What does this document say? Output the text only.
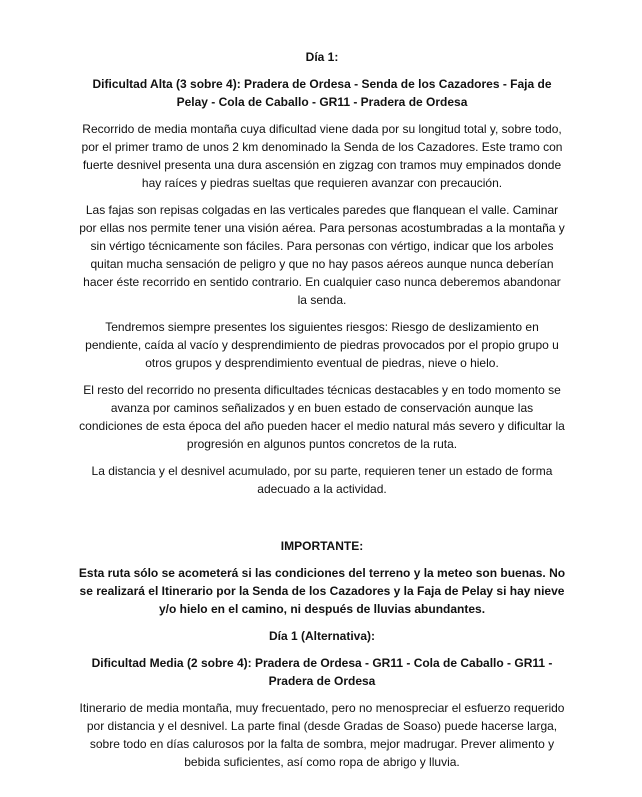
Día 1:
Dificultad Alta (3 sobre 4): Pradera de Ordesa - Senda de los Cazadores - Faja de Pelay - Cola de Caballo - GR11 - Pradera de Ordesa
Recorrido de media montaña cuya dificultad viene dada por su longitud total y, sobre todo, por el primer tramo de unos 2 km denominado la Senda de los Cazadores. Este tramo con fuerte desnivel presenta una dura ascensión en zigzag con tramos muy empinados donde hay raíces y piedras sueltas que requieren avanzar con precaución.
Las fajas son repisas colgadas en las verticales paredes que flanquean el valle. Caminar por ellas nos permite tener una visión aérea. Para personas acostumbradas a la montaña y sin vértigo técnicamente son fáciles. Para personas con vértigo, indicar que los arboles quitan mucha sensación de peligro y que no hay pasos aéreos aunque nunca deberían hacer éste recorrido en sentido contrario. En cualquier caso nunca deberemos abandonar la senda.
Tendremos siempre presentes los siguientes riesgos: Riesgo de deslizamiento en pendiente, caída al vacío y desprendimiento de piedras provocados por el propio grupo u otros grupos y desprendimiento eventual de piedras, nieve o hielo.
El resto del recorrido no presenta dificultades técnicas destacables y en todo momento se avanza por caminos señalizados y en buen estado de conservación aunque las condiciones de esta época del año pueden hacer el medio natural más severo y dificultar la progresión en algunos puntos concretos de la ruta.
La distancia y el desnivel acumulado, por su parte, requieren tener un estado de forma adecuado a la actividad.
IMPORTANTE:
Esta ruta sólo se acometerá si las condiciones del terreno y la meteo son buenas. No se realizará el Itinerario por la Senda de los Cazadores y la Faja de Pelay si hay nieve y/o hielo en el camino, ni después de lluvias abundantes.
Día 1 (Alternativa):
Dificultad Media (2 sobre 4): Pradera de Ordesa - GR11 - Cola de Caballo - GR11 - Pradera de Ordesa
Itinerario de media montaña, muy frecuentado, pero no menospreciar el esfuerzo requerido por distancia y el desnivel. La parte final (desde Gradas de Soaso) puede hacerse larga, sobre todo en días calurosos por la falta de sombra, mejor madrugar. Prever alimento y bebida suficientes, así como ropa de abrigo y lluvia.
